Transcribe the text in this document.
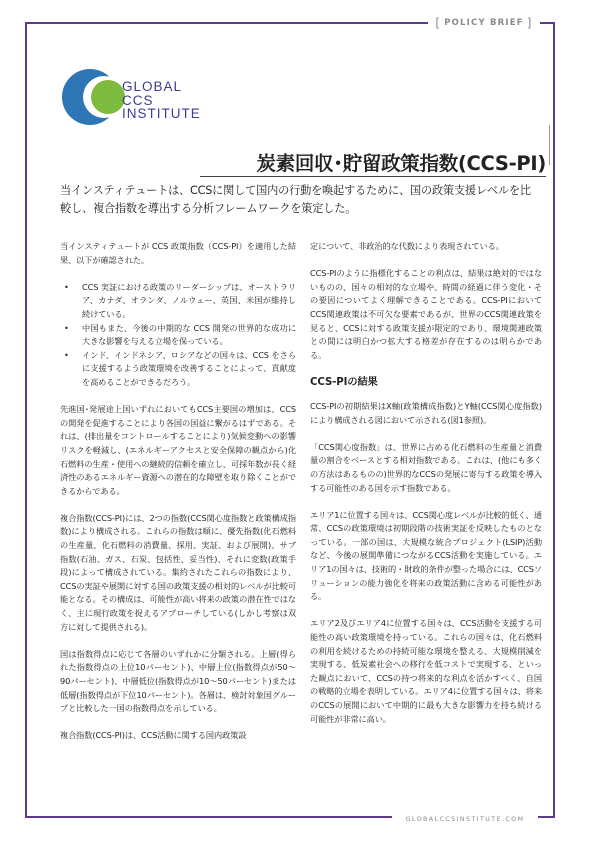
[ POLICY BRIEF ]
GLOBAL
CCS
INSTITUTE
炭素回収･貯留政策指数(CCS-PI)
当インスティテュートは、CCSに関して国内の行動を喚起するために、国の政策支援レベルを比較し、複合指数を導出する分析フレームワークを策定した。

当インスティテュートが CCS 政策指数（CCS-PI）を適用した結果、以下が確認された。

• CCS 実証における政策のリーダーシップは、オーストラリア、カナダ、オランダ、ノルウェー、英国、米国が維持し続けている。
• 中国もまた、今後の中期的な CCS 開発の世界的な成功に大きな影響を与える立場を保っている。
• インド、インドネシア、ロシアなどの国々は、CCS をさらに支援するよう政策環境を改善することによって、貢献度を高めることができるだろう。

先進国･発展途上国いずれにおいてもCCS主要国の増加は、CCSの開発を促進することにより各国の国益に繋がるはずである。それは、(排出量をコントロールすることにより)気候変動への影響リスクを軽減し、(エネルギーアクセスと安全保障の観点から)化石燃料の生産・使用への継続的信頼を確立し、可採年数が長く経済性のあるエネルギー資源への潜在的な障壁を取り除くことができるからである。

複合指数(CCS-PI)には、2つの指数(CCS関心度指数と政策構成指数)により構成される。これらの指数は順に、優先指数(化石燃料の生産量、化石燃料の消費量、採用、実証、および展開)、サブ指数(石油、ガス、石炭、包括性、妥当性)、それに変数(政策手段)によって構成されている。集約されたこれらの指数により、CCSの実証や展開に対する国の政策支援の相対的レベルが比較可能となる。その構成は、可能性が高い将来の政策の潜在性ではなく、主に現行政策を捉えるアプローチしている(しかし考察は双方に対して提供される)。

国は指数得点に応じて各層のいずれかに分類される。上層(得られた指数得点の上位10パーセント)、中層上位(指数得点が50～90パーセント)、中層低位(指数得点が10～50パーセント)または低層(指数得点が下位10パーセント)。各層は、検討対象国グループと比較した一国の指数得点を示している。

複合指数(CCS-PI)は、CCS活動に関する国内政策設

定について、非政治的な代数により表現されている。

CCS-PIのように指標化することの利点は、結果は絶対的ではないものの、国々の相対的な立場や、時間の経過に伴う変化・その要因についてよく理解できることである。CCS-PIにおいてCCS関連政策は不可欠な要素であるが、世界のCCS関連政策を見ると、CCSに対する政策支援が限定的であり、環境関連政策との間には明白かつ拡大する格差が存在するのは明らかである。

CCS-PIの結果

CCS-PIの初期結果はX軸(政策構成指数)とY軸(CCS関心度指数)により構成される図において示される(図1参照)。

「CCS関心度指数」は、世界に占める化石燃料の生産量と消費量の割合をベースとする相対指数である。これは、(他にも多くの方法はあるものの)世界的なCCSの発展に寄与する政策を導入する可能性のある国を示す指数である。

エリア1に位置する国々は、CCS関心度レベルが比較的低く、通常、CCSの政策環境は初期段階の技術実証を反映したものとなっている。一部の国は、大規模な統合プロジェクト(LSIP)活動など、今後の展開準備につながるCCS活動を実施している。エリア1の国々は、技術的・財政的条件が整った場合には、CCSソリューションの能力強化を将来の政策活動に含める可能性がある。

エリア2及びエリア4に位置する国々は、CCS活動を支援する可能性の高い政策環境を持っている。これらの国々は、化石燃料の利用を続けるための持続可能な環境を整える、大規模削減を実現する、低炭素社会への移行を低コストで実現する、といった観点において、CCSの持つ将来的な利点を活かすべく、自国の戦略的立場を表明している。エリア4に位置する国々は、将来のCCSの展開において中期的に最も大きな影響力を持ち続ける可能性が非常に高い。

GLOBALCCSINSTITUTE.COM
